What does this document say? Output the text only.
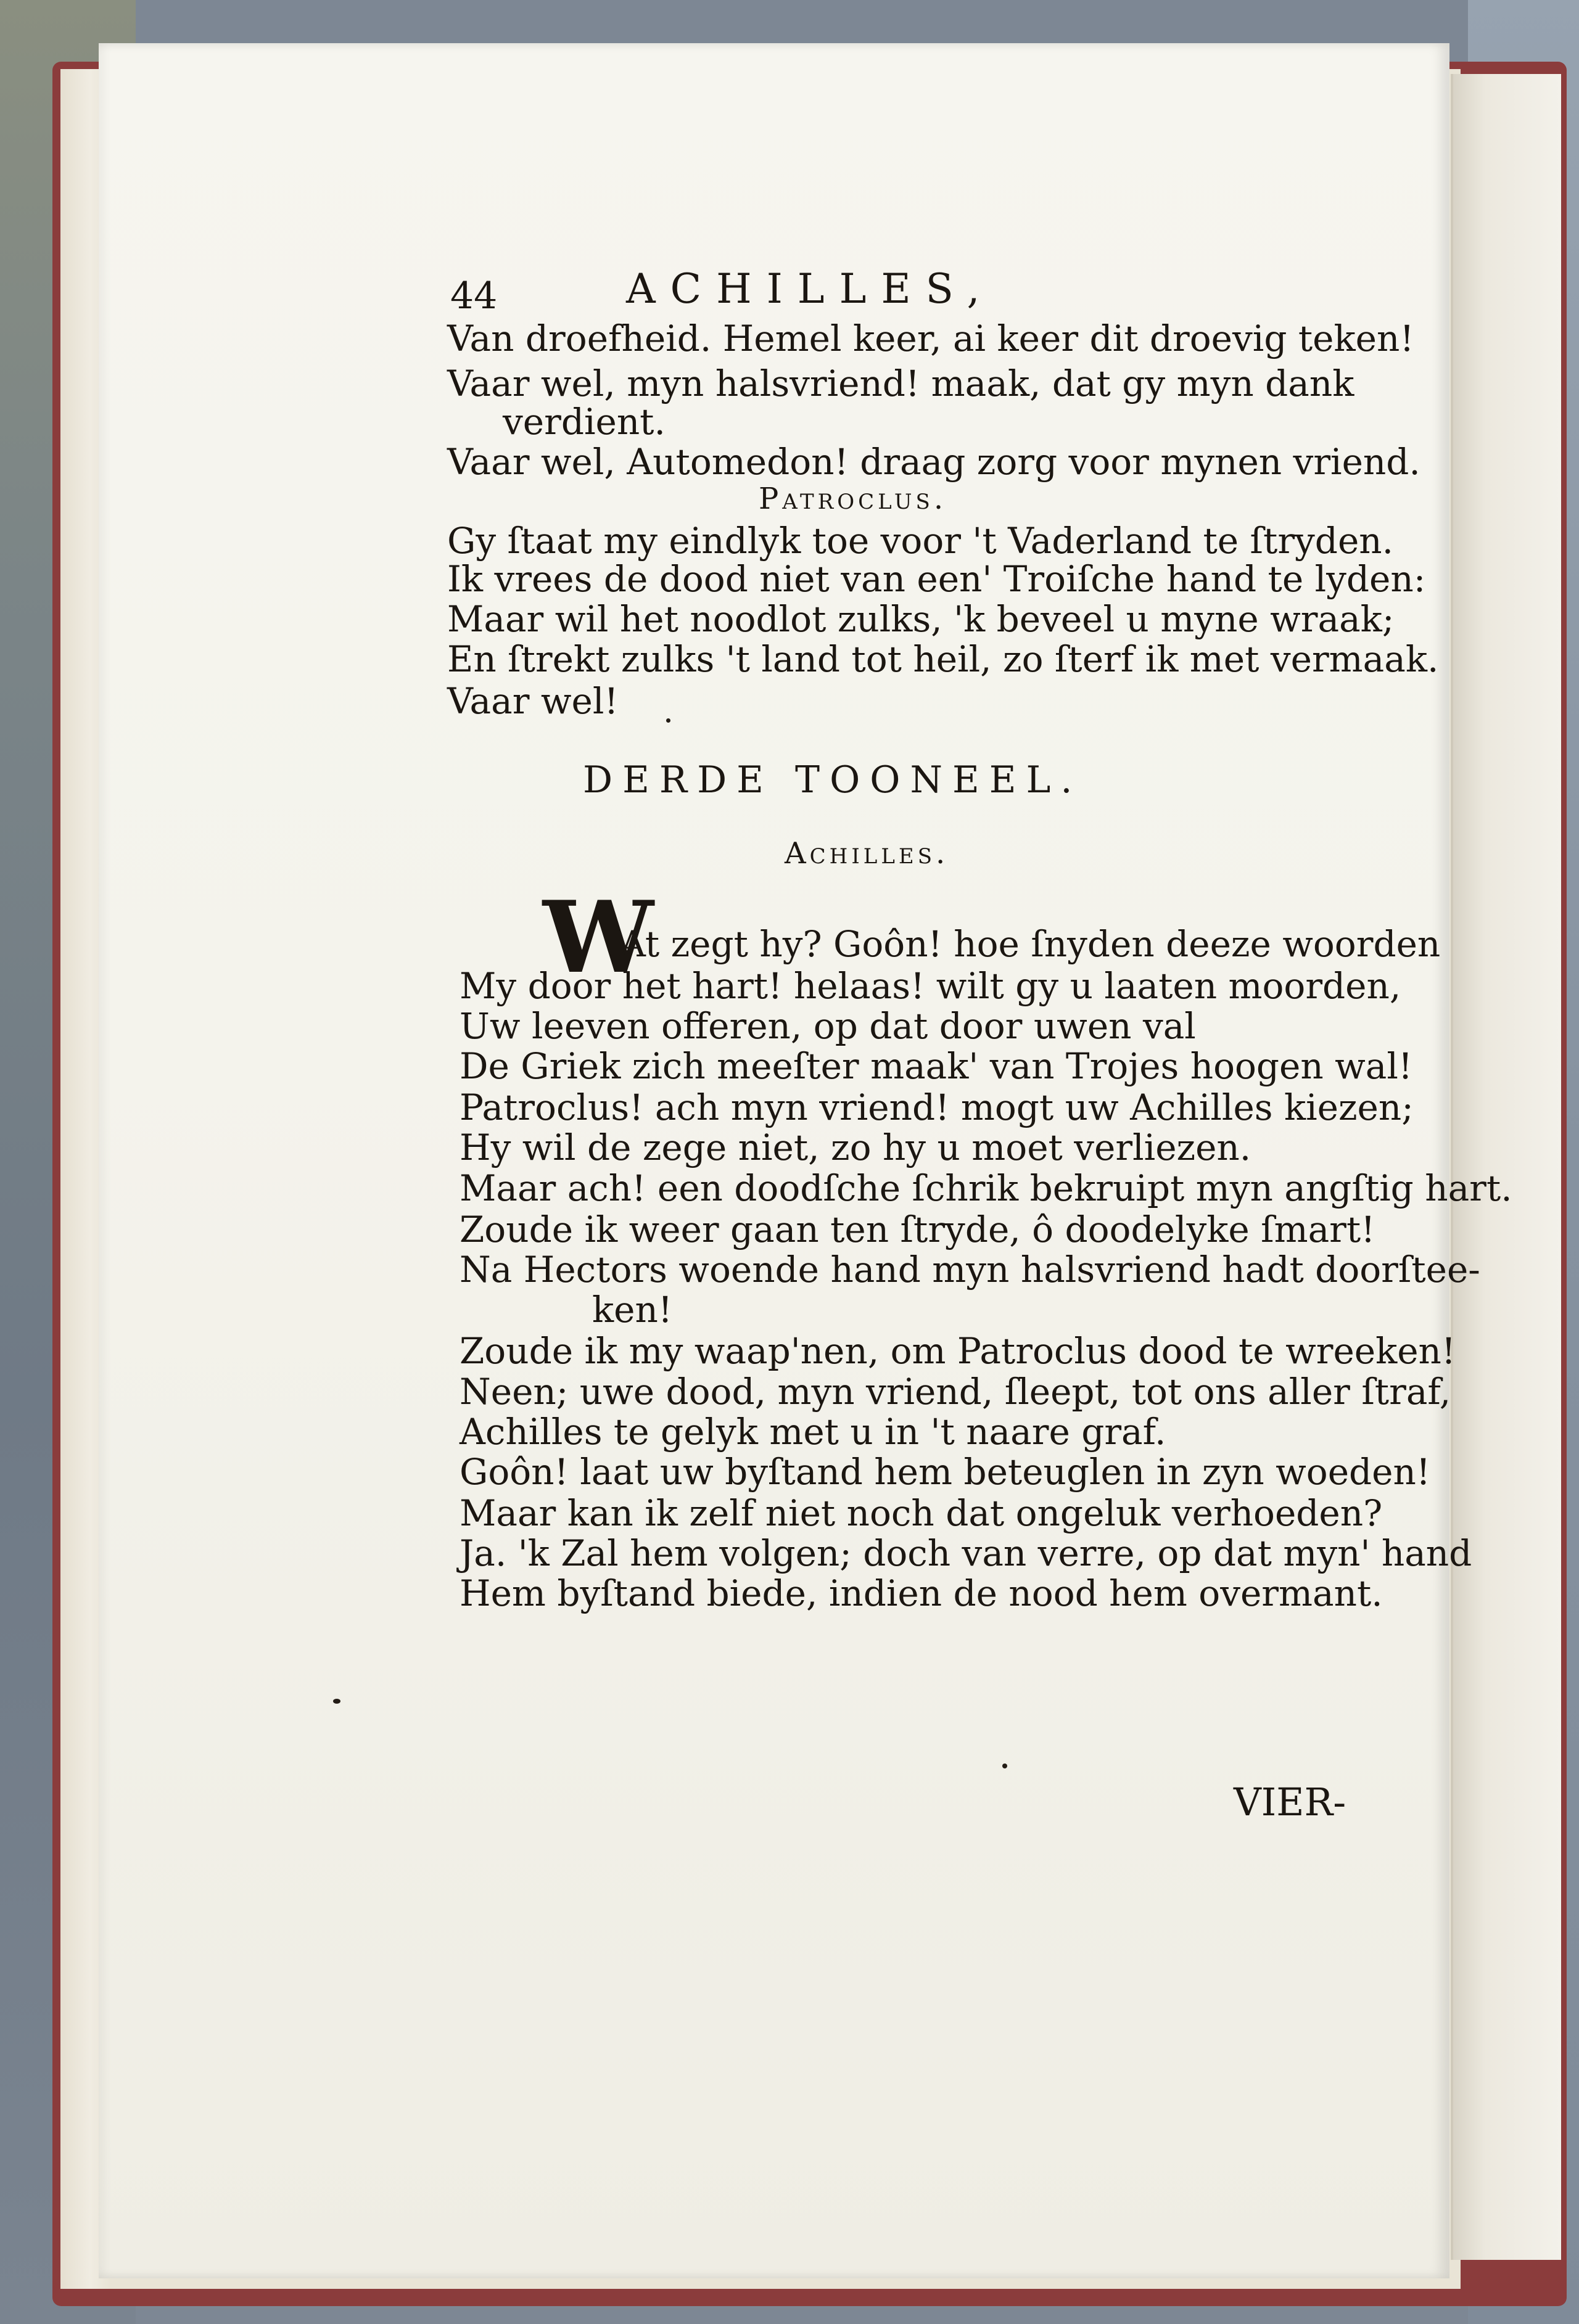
44	ACHILLES,
Van droefheid. Hemel keer, ai keer dit droevig teken!
Vaar wel, myn halsvriend! maak, dat gy myn dank
verdient.
Vaar wel, Automedon! draag zorg voor mynen vriend.
Patroclus.
Gy ſtaat my eindlyk toe voor 't Vaderland te ſtryden.
Ik vrees de dood niet van een' Troiſche hand te lyden:
Maar wil het noodlot zulks, 'k beveel u myne wraak;
En ſtrekt zulks 't land tot heil, zo ſterf ik met vermaak.
Vaar wel!
DERDE TOONEEL.
Achilles.
W
At zegt hy? Goôn! hoe ſnyden deeze woorden
My door het hart! helaas! wilt gy u laaten moorden,
Uw leeven offeren, op dat door uwen val
De Griek zich meeſter maak' van Trojes hoogen wal!
Patroclus! ach myn vriend! mogt uw Achilles kiezen;
Hy wil de zege niet, zo hy u moet verliezen.
Maar ach! een doodſche ſchrik bekruipt myn angſtig hart.
Zoude ik weer gaan ten ſtryde, ô doodelyke ſmart!
Na Hectors woende hand myn halsvriend hadt doorſtee-
ken!
Zoude ik my waap'nen, om Patroclus dood te wreeken!
Neen; uwe dood, myn vriend, ſleept, tot ons aller ſtraf,
Achilles te gelyk met u in 't naare graf.
Goôn! laat uw byſtand hem beteuglen in zyn woeden!
Maar kan ik zelf niet noch dat ongeluk verhoeden?
Ja. 'k Zal hem volgen; doch van verre, op dat myn' hand
Hem byſtand biede, indien de nood hem overmant.
VIER-
